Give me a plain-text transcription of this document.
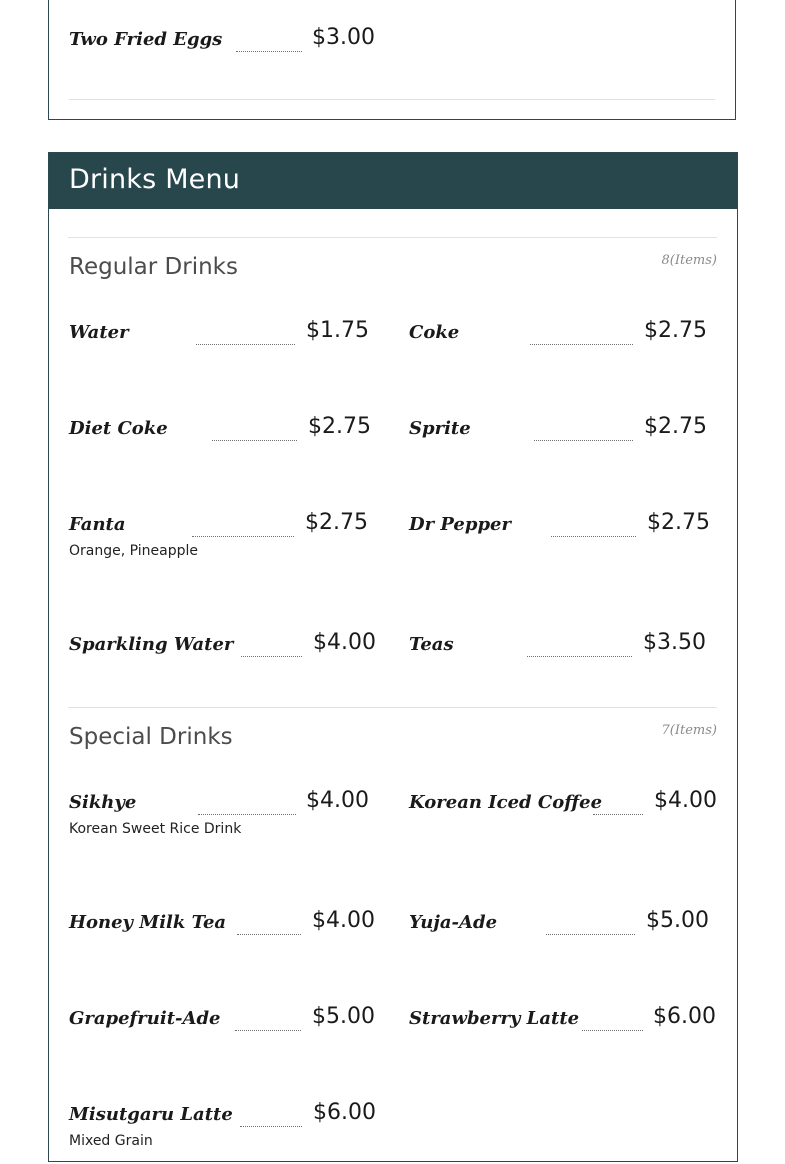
Two Fried Eggs	$3.00
Drinks Menu
Regular Drinks	8(Items)
Water	$1.75 Coke	$2.75
Diet Coke	$2.75 Sprite	$2.75
Fanta	$2.75
Orange, Pineapple
Dr Pepper	$2.75
Sparkling Water	$4.00 Teas	$3.50
Special Drinks	7(Items)
Sikhye	$4.00
Korean Sweet Rice Drink
Korean Iced Coffee $4.00
Honey Milk Tea	$4.00 Yuja-Ade	$5.00
Grapefruit-Ade	$5.00 Strawberry Latte	$6.00
Misutgaru Latte	$6.00
Mixed Grain
